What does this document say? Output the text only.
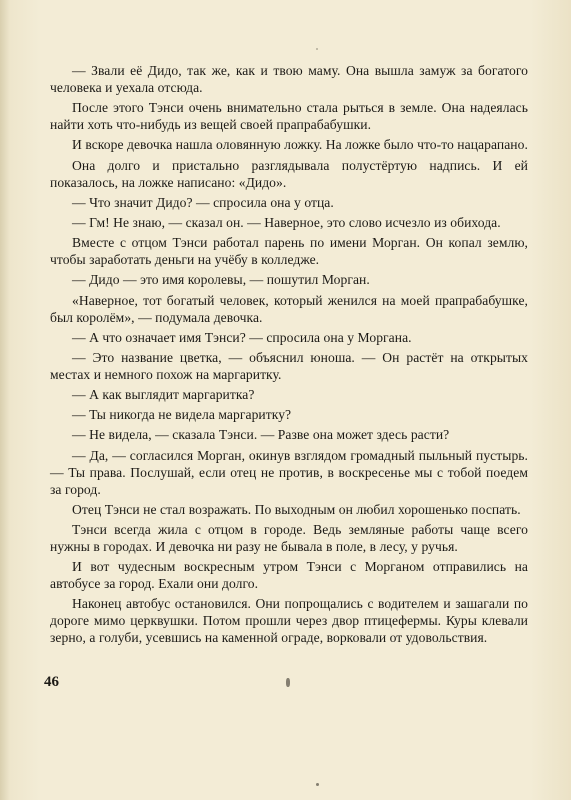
— Звали её Дидо, так же, как и твою маму. Она вышла замуж за богатого человека и уехала отсюда.

После этого Тэнси очень внимательно стала рыться в земле. Она надеялась найти хоть что-нибудь из вещей своей прапрабабушки.

И вскоре девочка нашла оловянную ложку. На ложке было что-то нацарапано.

Она долго и пристально разглядывала полустёртую надпись. И ей показалось, на ложке написано: «Дидо».

— Что значит Дидо? — спросила она у отца.

— Гм! Не знаю, — сказал он. — Наверное, это слово исчезло из обихода.

Вместе с отцом Тэнси работал парень по имени Морган. Он копал землю, чтобы заработать деньги на учёбу в колледже.

— Дидо — это имя королевы, — пошутил Морган.

«Наверное, тот богатый человек, который женился на моей прапрабабушке, был королём», — подумала девочка.

— А что означает имя Тэнси? — спросила она у Моргана.

— Это название цветка, — объяснил юноша. — Он растёт на открытых местах и немного похож на маргаритку.

— А как выглядит маргаритка?

— Ты никогда не видела маргаритку?

— Не видела, — сказала Тэнси. — Разве она может здесь расти?

— Да, — согласился Морган, окинув взглядом громадный пыльный пустырь. — Ты права. Послушай, если отец не против, в воскресенье мы с тобой поедем за город.

Отец Тэнси не стал возражать. По выходным он любил хорошенько поспать.

Тэнси всегда жила с отцом в городе. Ведь земляные работы чаще всего нужны в городах. И девочка ни разу не бывала в поле, в лесу, у ручья.

И вот чудесным воскресным утром Тэнси с Морганом отправились на автобусе за город. Ехали они долго.

Наконец автобус остановился. Они попрощались с водителем и зашагали по дороге мимо церквушки. Потом прошли через двор птицефермы. Куры клевали зерно, а голуби, усевшись на каменной ограде, ворковали от удовольствия.

46
